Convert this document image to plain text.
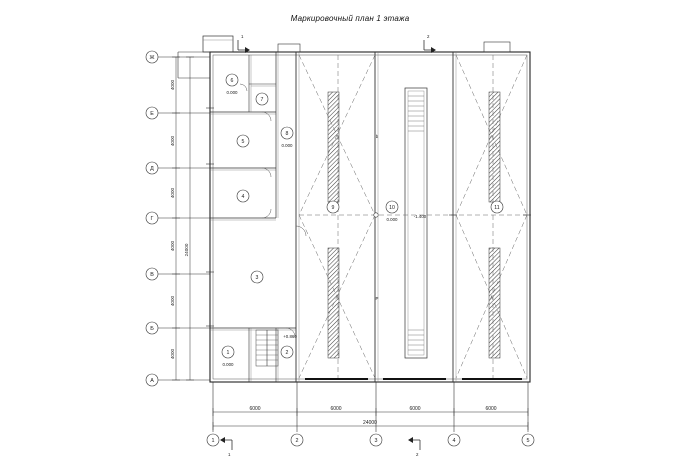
Маркировочный план 1 этажа
Ж
Е
Д
Г
В
Б
А
1	2	3	4	5
4000
4000
4000
4000
4000
4000
24000
6000	6000	6000	6000
24000
1	2
1	2
1	2
3
4
5
6
7
8
9	10	11
0.000
+0.860
0.000
0.000
0.000
-1.400
b
P
